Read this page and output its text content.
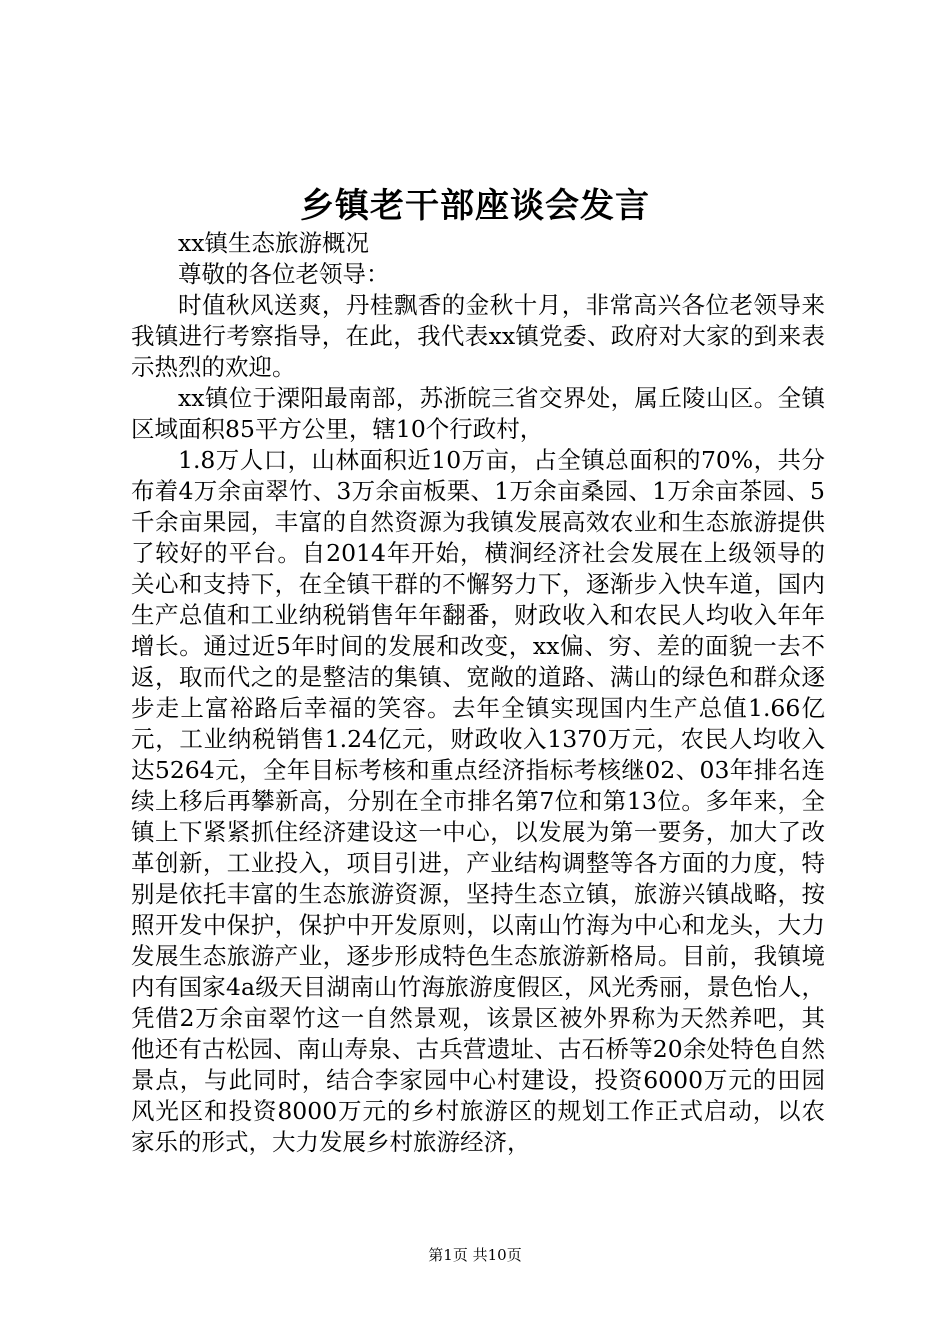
乡镇老干部座谈会发言

xx镇生态旅游概况

尊敬的各位老领导：

时值秋风送爽，丹桂飘香的金秋十月，非常高兴各位老领导来我镇进行考察指导，在此，我代表xx镇党委、政府对大家的到来表示热烈的欢迎。

xx镇位于溧阳最南部，苏浙皖三省交界处，属丘陵山区。全镇区域面积85平方公里，辖10个行政村，

1.8万人口，山林面积近10万亩，占全镇总面积的70%，共分布着4万余亩翠竹、3万余亩板栗、1万余亩桑园、1万余亩茶园、5千余亩果园，丰富的自然资源为我镇发展高效农业和生态旅游提供了较好的平台。自2014年开始，横涧经济社会发展在上级领导的关心和支持下，在全镇干群的不懈努力下，逐渐步入快车道，国内生产总值和工业纳税销售年年翻番，财政收入和农民人均收入年年增长。通过近5年时间的发展和改变，xx偏、穷、差的面貌一去不返，取而代之的是整洁的集镇、宽敞的道路、满山的绿色和群众逐步走上富裕路后幸福的笑容。去年全镇实现国内生产总值1.66亿元，工业纳税销售1.24亿元，财政收入1370万元，农民人均收入达5264元，全年目标考核和重点经济指标考核继02、03年排名连续上移后再攀新高，分别在全市排名第7位和第13位。多年来，全镇上下紧紧抓住经济建设这一中心，以发展为第一要务，加大了改革创新，工业投入，项目引进，产业结构调整等各方面的力度，特别是依托丰富的生态旅游资源，坚持生态立镇，旅游兴镇战略，按照开发中保护，保护中开发原则，以南山竹海为中心和龙头，大力发展生态旅游产业，逐步形成特色生态旅游新格局。目前，我镇境内有国家4a级天目湖南山竹海旅游度假区，风光秀丽，景色怡人，凭借2万余亩翠竹这一自然景观，该景区被外界称为天然养吧，其他还有古松园、南山寿泉、古兵营遗址、古石桥等20余处特色自然景点，与此同时，结合李家园中心村建设，投资6000万元的田园风光区和投资8000万元的乡村旅游区的规划工作正式启动，以农家乐的形式，大力发展乡村旅游经济，

第1页 共10页
